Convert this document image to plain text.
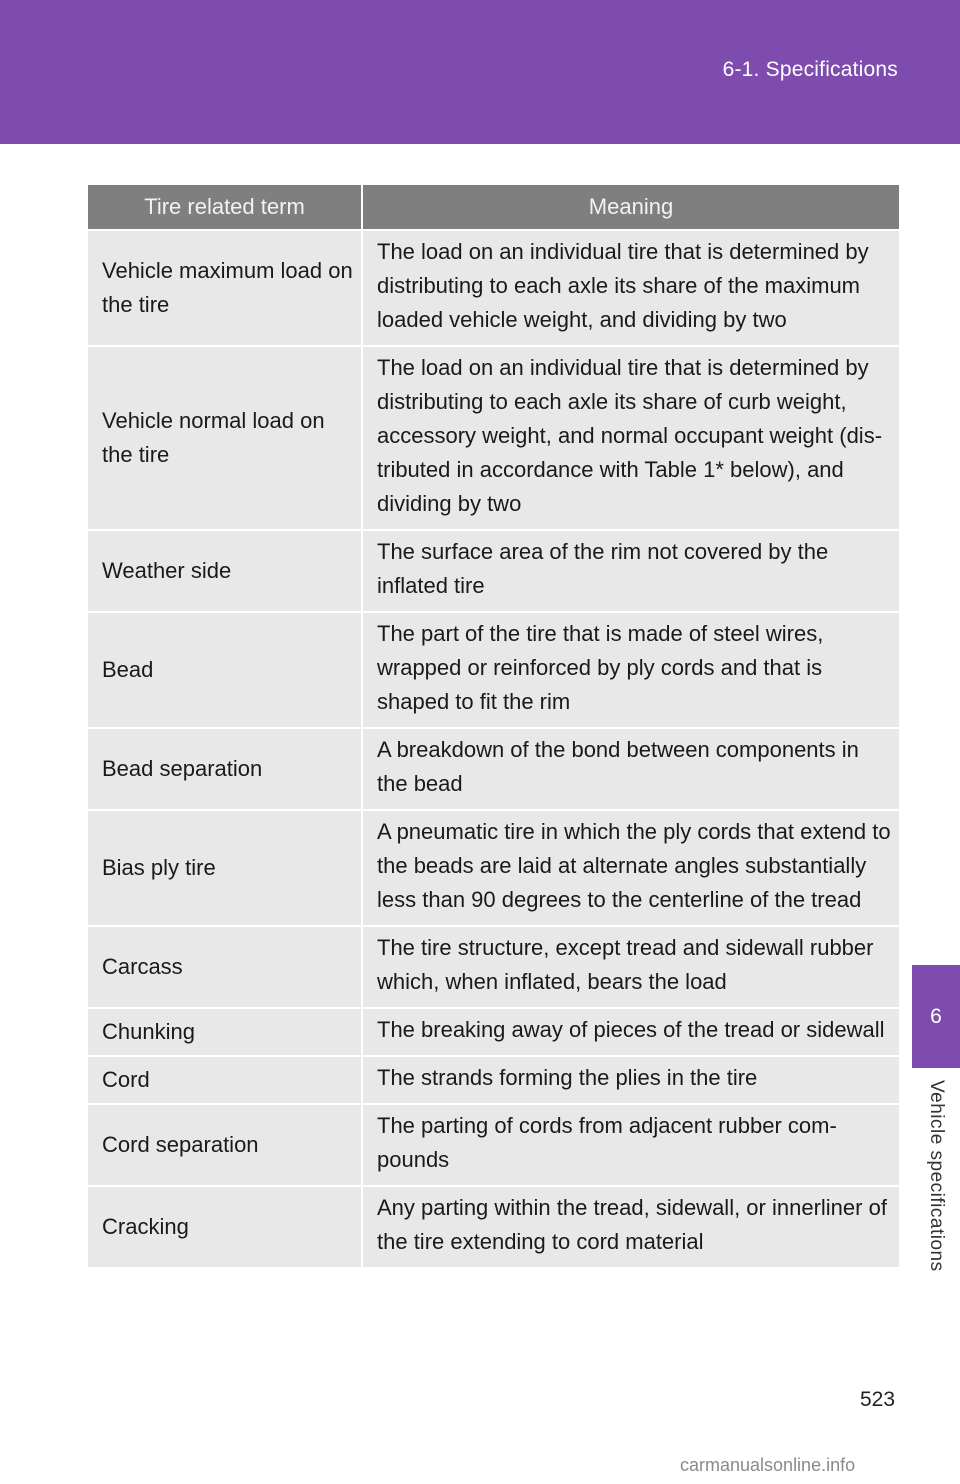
6-1. Specifications
6
Vehicle specifications
Tire related term	Meaning
Vehicle maximum load on the tire	The load on an individual tire that is determined by distributing to each axle its share of the maximum loaded vehicle weight, and dividing by two
Vehicle normal load on the tire	The load on an individual tire that is determined by distributing to each axle its share of curb weight, accessory weight, and normal occupant weight (dis-tributed in accordance with Table 1* below), and dividing by two
Weather side	The surface area of the rim not covered by the inflated tire
Bead	The part of the tire that is made of steel wires, wrapped or reinforced by ply cords and that is shaped to fit the rim
Bead separation	A breakdown of the bond between components in the bead
Bias ply tire	A pneumatic tire in which the ply cords that extend to the beads are laid at alternate angles substantially less than 90 degrees to the centerline of the tread
Carcass	The tire structure, except tread and sidewall rubber which, when inflated, bears the load
Chunking	The breaking away of pieces of the tread or sidewall
Cord	The strands forming the plies in the tire
Cord separation	The parting of cords from adjacent rubber com-pounds
Cracking	Any parting within the tread, sidewall, or innerliner of the tire extending to cord material
523
carmanualsonline.info
